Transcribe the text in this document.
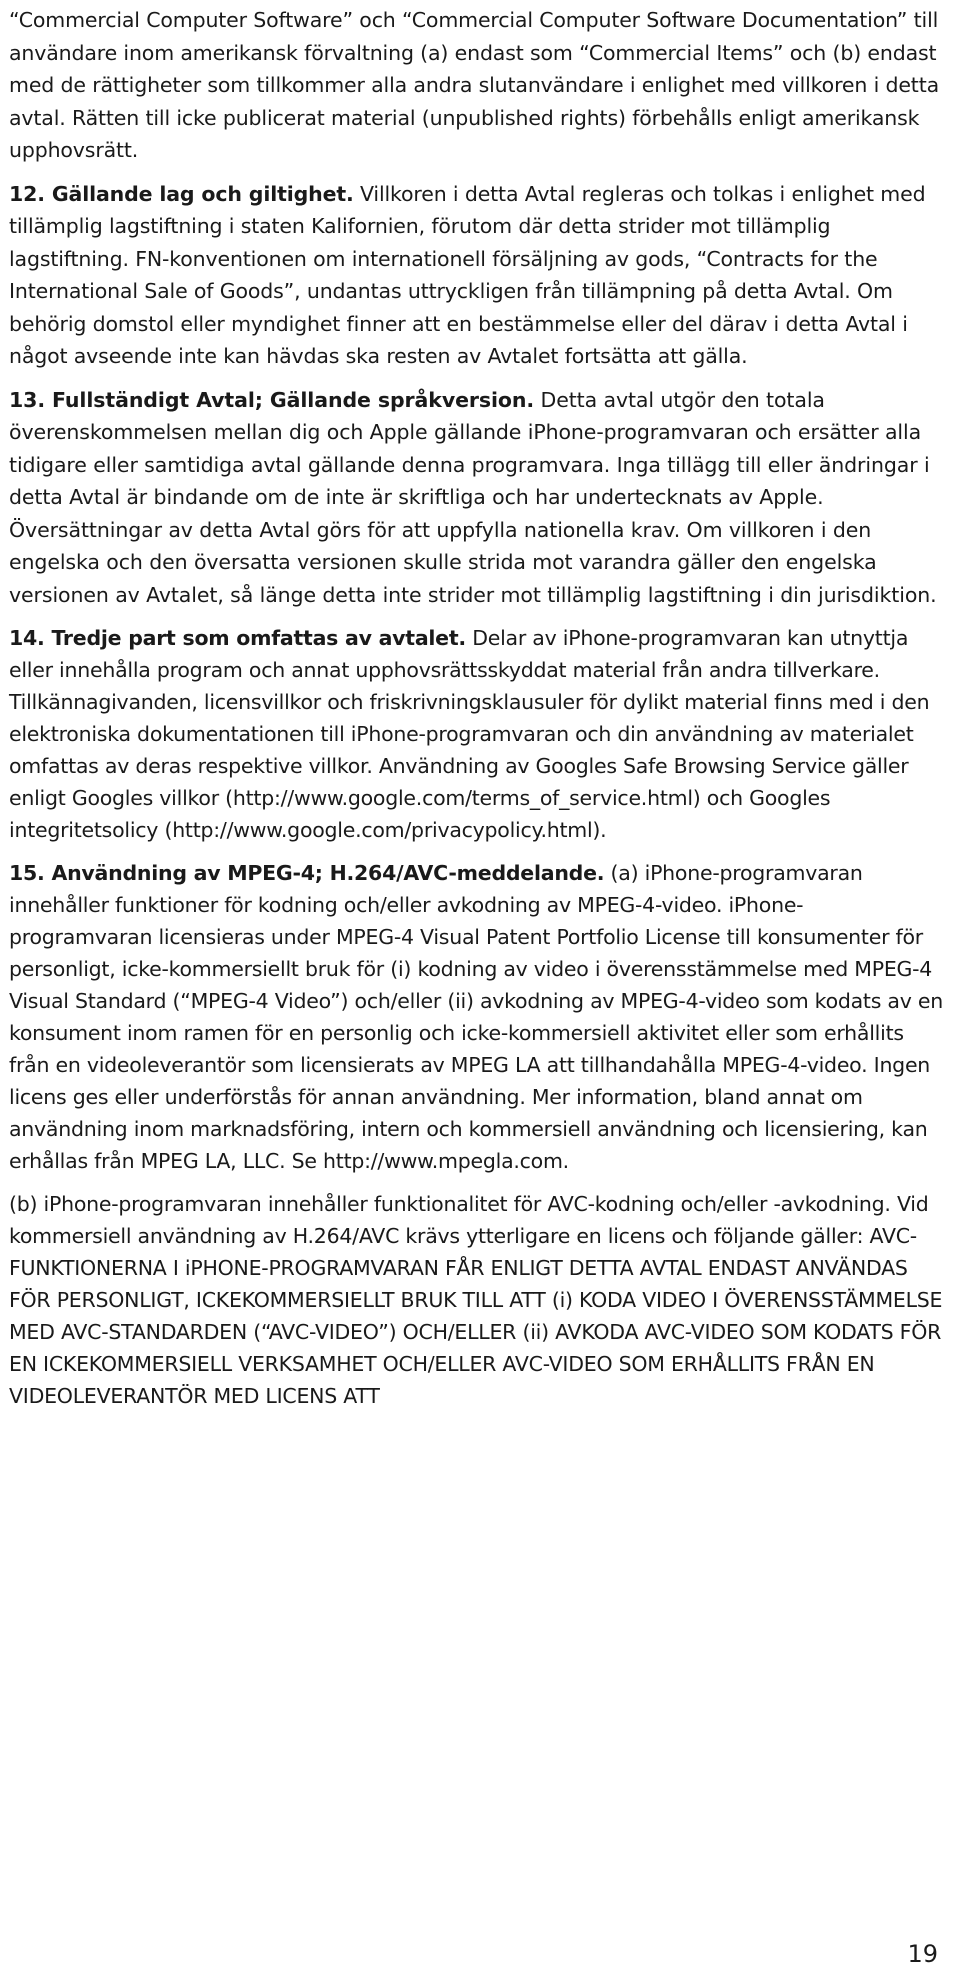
“Commercial Computer Software” och “Commercial Computer Software Documentation” till användare inom amerikansk förvaltning (a) endast som “Commercial Items” och (b) endast med de rättigheter som tillkommer alla andra slutanvändare i enlighet med villkoren i detta avtal. Rätten till icke publicerat material (unpublished rights) förbehålls enligt amerikansk upphovsrätt.

12. Gällande lag och giltighet. Villkoren i detta Avtal regleras och tolkas i enlighet med tillämplig lagstiftning i staten Kalifornien, förutom där detta strider mot tillämplig lagstiftning. FN-konventionen om internationell försäljning av gods, “Contracts for the International Sale of Goods”, undantas uttryckligen från tillämpning på detta Avtal. Om behörig domstol eller myndighet finner att en bestämmelse eller del därav i detta Avtal i något avseende inte kan hävdas ska resten av Avtalet fortsätta att gälla.

13. Fullständigt Avtal; Gällande språkversion. Detta avtal utgör den totala överenskommelsen mellan dig och Apple gällande iPhone-programvaran och ersätter alla tidigare eller samtidiga avtal gällande denna programvara. Inga tillägg till eller ändringar i detta Avtal är bindande om de inte är skriftliga och har undertecknats av Apple. Översättningar av detta Avtal görs för att uppfylla nationella krav. Om villkoren i den engelska och den översatta versionen skulle strida mot varandra gäller den engelska versionen av Avtalet, så länge detta inte strider mot tillämplig lagstiftning i din jurisdiktion.

14. Tredje part som omfattas av avtalet. Delar av iPhone-programvaran kan utnyttja eller innehålla program och annat upphovsrättsskyddat material från andra tillverkare. Tillkännagivanden, licensvillkor och friskrivningsklausuler för dylikt material finns med i den elektroniska dokumentationen till iPhone-programvaran och din användning av materialet omfattas av deras respektive villkor. Användning av Googles Safe Browsing Service gäller enligt Googles villkor (http://www.google.com/terms_of_service.html) och Googles integritetsolicy (http://www.google.com/privacypolicy.html).

15. Användning av MPEG-4; H.264/AVC-meddelande. (a) iPhone-programvaran innehåller funktioner för kodning och/eller avkodning av MPEG-4-video. iPhone-programvaran licensieras under MPEG-4 Visual Patent Portfolio License till konsumenter för personligt, icke-kommersiellt bruk för (i) kodning av video i överensstämmelse med MPEG-4 Visual Standard (“MPEG-4 Video”) och/eller (ii) avkodning av MPEG-4-video som kodats av en konsument inom ramen för en personlig och icke-kommersiell aktivitet eller som erhållits från en videoleverantör som licensierats av MPEG LA att tillhandahålla MPEG-4-video. Ingen licens ges eller underförstås för annan användning. Mer information, bland annat om användning inom marknadsföring, intern och kommersiell användning och licensiering, kan erhållas från MPEG LA, LLC. Se http://www.mpegla.com.

(b) iPhone-programvaran innehåller funktionalitet för AVC-kodning och/eller -avkodning. Vid kommersiell användning av H.264/AVC krävs ytterligare en licens och följande gäller: AVC-FUNKTIONERNA I iPHONE-PROGRAMVARAN FÅR ENLIGT DETTA AVTAL ENDAST ANVÄNDAS FÖR PERSONLIGT, ICKEKOMMERSIELLT BRUK TILL ATT (i) KODA VIDEO I ÖVERENSSTÄMMELSE MED AVC-STANDARDEN (“AVC-VIDEO”) OCH/ELLER (ii) AVKODA AVC-VIDEO SOM KODATS FÖR EN ICKEKOMMERSIELL VERKSAMHET OCH/ELLER AVC-VIDEO SOM ERHÅLLITS FRÅN EN VIDEOLEVERANTÖR MED LICENS ATT

19
